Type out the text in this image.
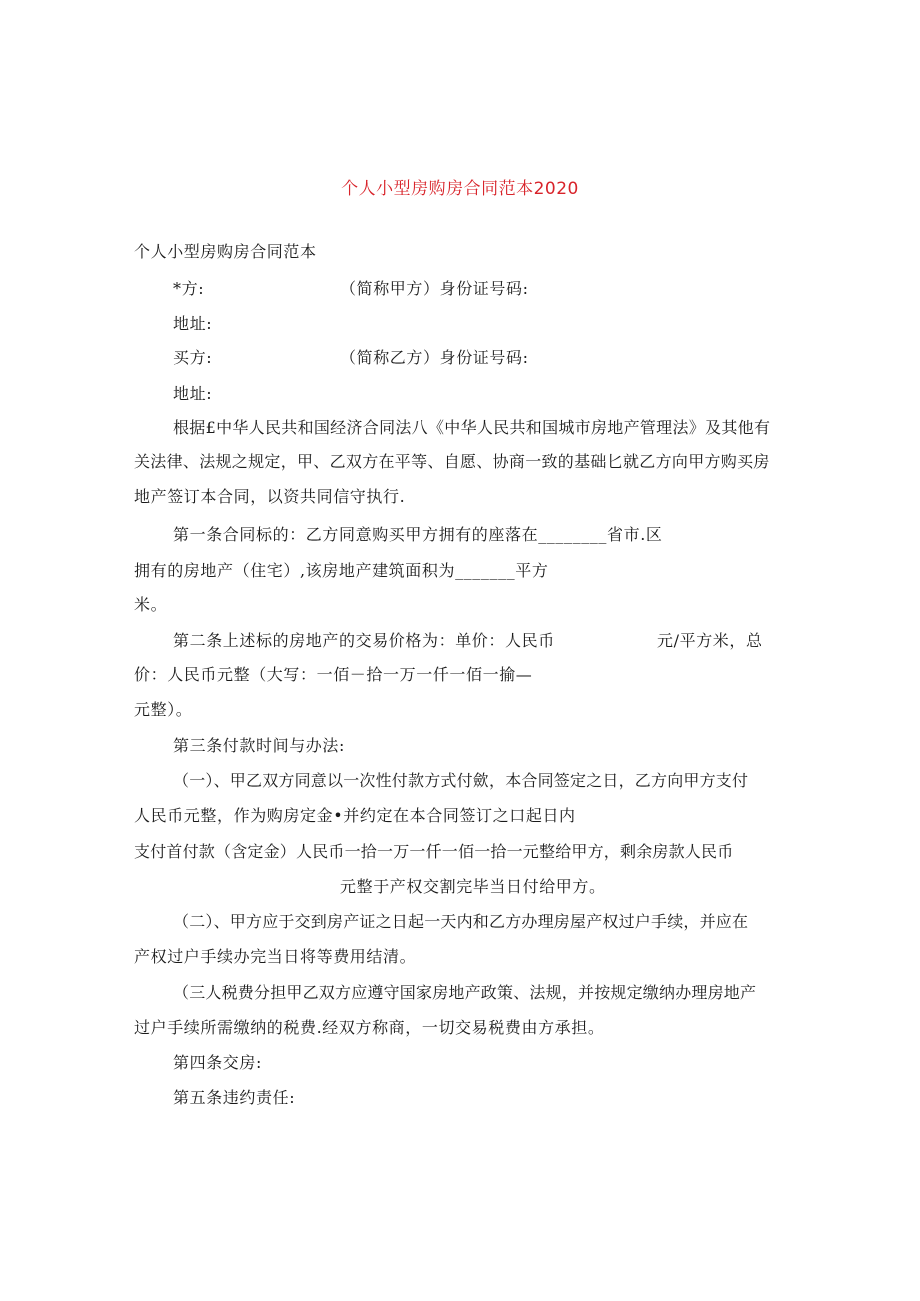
个人小型房购房合同范本2020
个人小型房购房合同范本
*方:	（简称甲方）身份证号码:
地址:
买方:	（简称乙方）身份证号码:
地址:
根据£中华人民共和国经济合同法八《中华人民共和国城市房地产管理法》及其他有
关法律、法规之规定，甲、乙双方在平等、自愿、协商一致的基础匕就乙方向甲方购买房
地产签订本合同，以资共同信守执行.
第一条合同标的：乙方同意购买甲方拥有的座落在________省市.区
拥有的房地产（住宅）,该房地产建筑面积为_______平方
米。
第二条上述标的房地产的交易价格为：单价：人民币	元/平方米，总
价：人民币元整（大写：一佰－拾一万一仟一佰一揄—
元整）。
第三条付款时间与办法:
（一）、甲乙双方同意以一次性付款方式付歛，本合同签定之日，乙方向甲方支付
人民币元整，作为购房定金•并约定在本合同签订之口起日内
支付首付款（含定金）人民币一拾一万一仟一佰一拾一元整给甲方，剩余房款人民币
元整于产权交割完毕当日付给甲方。
（二）、甲方应于交到房产证之日起一天内和乙方办理房屋产权过户手续，并应在
产权过户手续办完当日将等费用结清。
（三人税费分担甲乙双方应遵守国家房地产政策、法规，并按规定缴纳办理房地产
过户手续所需缴纳的税费.经双方称商，一切交易税费由方承担。
第四条交房:
第五条违约责任:
